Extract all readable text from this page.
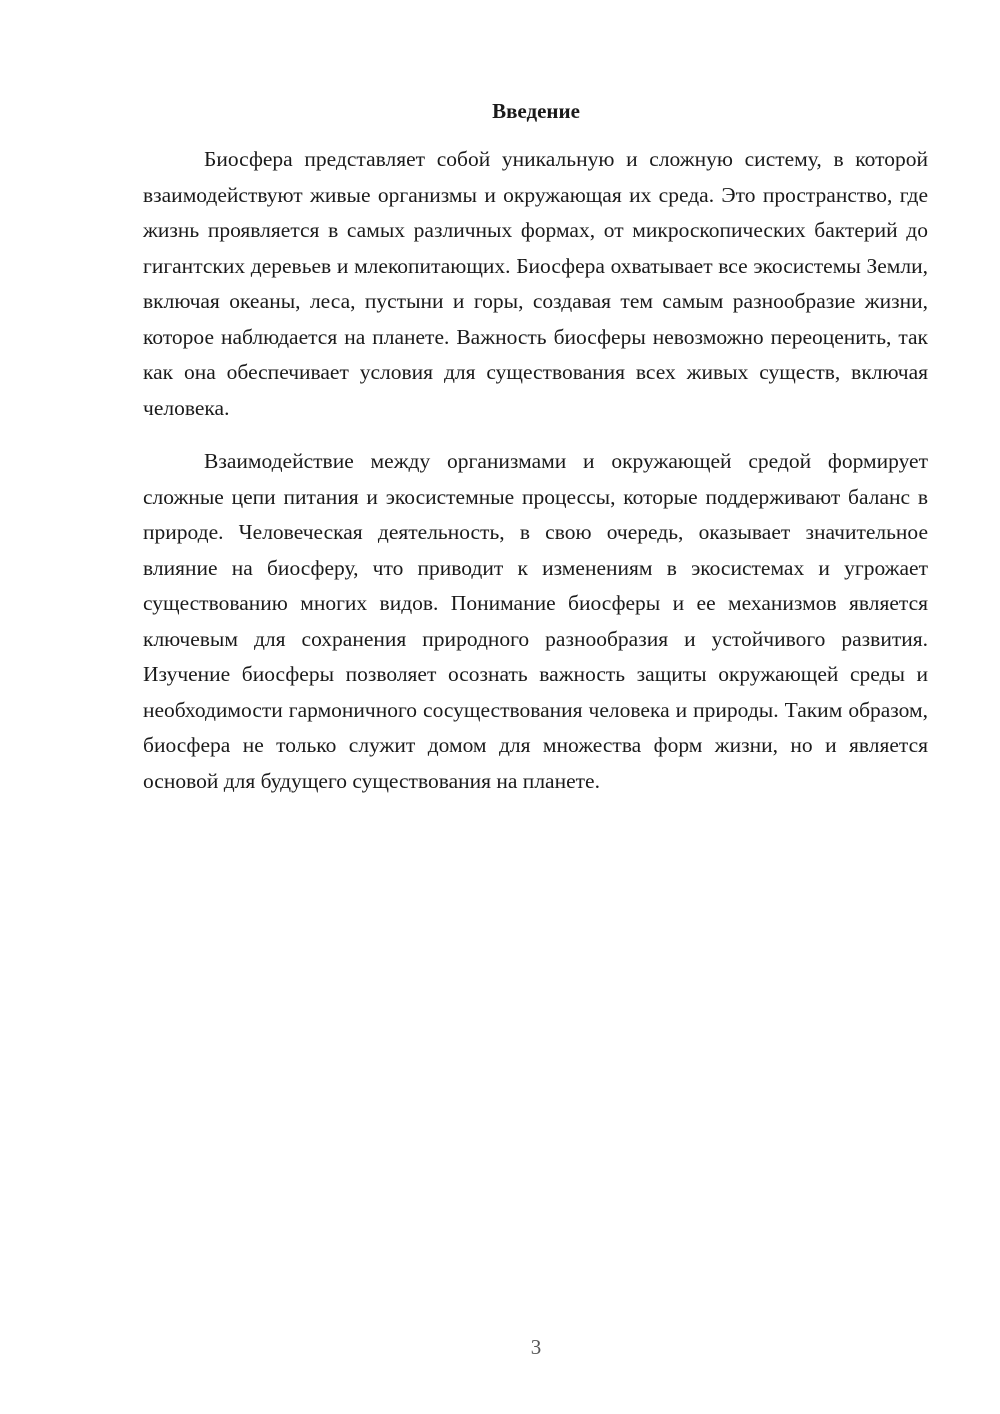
Введение

Биосфера представляет собой уникальную и сложную систему, в которой взаимодействуют живые организмы и окружающая их среда. Это пространство, где жизнь проявляется в самых различных формах, от микроскопических бактерий до гигантских деревьев и млекопитающих. Биосфера охватывает все экосистемы Земли, включая океаны, леса, пустыни и горы, создавая тем самым разнообразие жизни, которое наблюдается на планете. Важность биосферы невозможно переоценить, так как она обеспечивает условия для существования всех живых существ, включая человека.

Взаимодействие между организмами и окружающей средой формирует сложные цепи питания и экосистемные процессы, которые поддерживают баланс в природе. Человеческая деятельность, в свою очередь, оказывает значительное влияние на биосферу, что приводит к изменениям в экосистемах и угрожает существованию многих видов. Понимание биосферы и ее механизмов является ключевым для сохранения природного разнообразия и устойчивого развития. Изучение биосферы позволяет осознать важность защиты окружающей среды и необходимости гармоничного сосуществования человека и природы. Таким образом, биосфера не только служит домом для множества форм жизни, но и является основой для будущего существования на планете.

3
